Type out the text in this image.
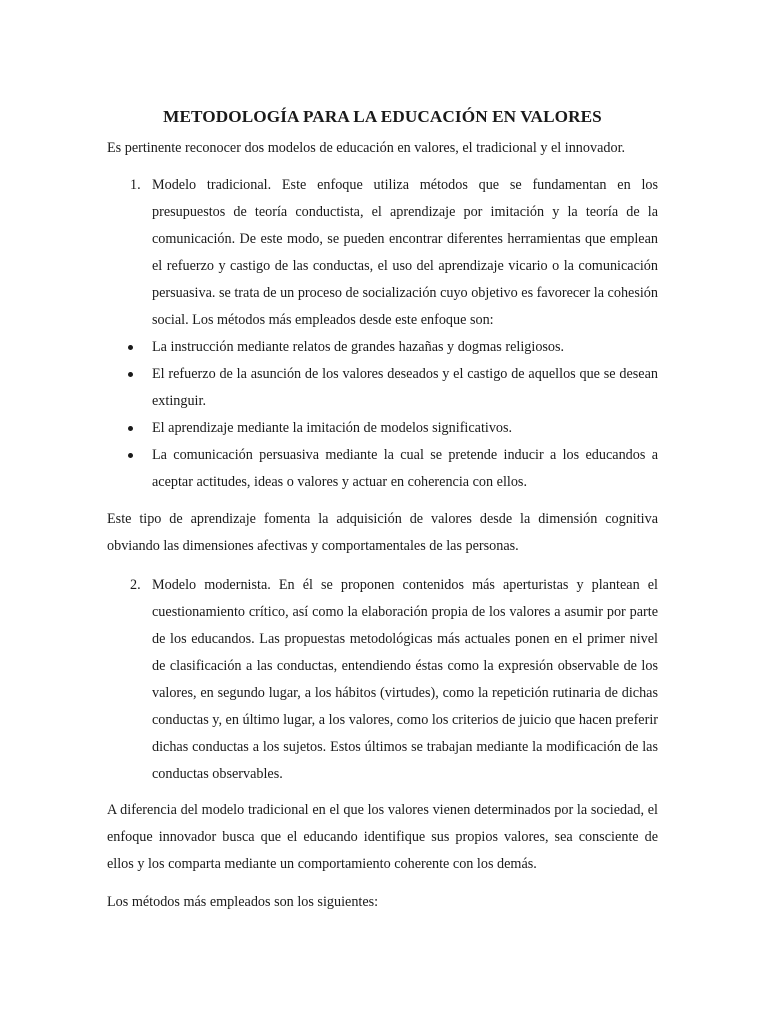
METODOLOGÍA PARA LA EDUCACIÓN EN VALORES

Es pertinente reconocer dos modelos de educación en valores, el tradicional y el innovador.

1. Modelo tradicional. Este enfoque utiliza métodos que se fundamentan en los presupuestos de teoría conductista, el aprendizaje por imitación y la teoría de la comunicación. De este modo, se pueden encontrar diferentes herramientas que emplean el refuerzo y castigo de las conductas, el uso del aprendizaje vicario o la comunicación persuasiva. se trata de un proceso de socialización cuyo objetivo es favorecer la cohesión social. Los métodos más empleados desde este enfoque son:
La instrucción mediante relatos de grandes hazañas y dogmas religiosos.
El refuerzo de la asunción de los valores deseados y el castigo de aquellos que se desean extinguir.
El aprendizaje mediante la imitación de modelos significativos.
La comunicación persuasiva mediante la cual se pretende inducir a los educandos a aceptar actitudes, ideas o valores y actuar en coherencia con ellos.

Este tipo de aprendizaje fomenta la adquisición de valores desde la dimensión cognitiva obviando las dimensiones afectivas y comportamentales de las personas.

2. Modelo modernista. En él se proponen contenidos más aperturistas y plantean el cuestionamiento crítico, así como la elaboración propia de los valores a asumir por parte de los educandos. Las propuestas metodológicas más actuales ponen en el primer nivel de clasificación a las conductas, entendiendo éstas como la expresión observable de los valores, en segundo lugar, a los hábitos (virtudes), como la repetición rutinaria de dichas conductas y, en último lugar, a los valores, como los criterios de juicio que hacen preferir dichas conductas a los sujetos. Estos últimos se trabajan mediante la modificación de las conductas observables.

A diferencia del modelo tradicional en el que los valores vienen determinados por la sociedad, el enfoque innovador busca que el educando identifique sus propios valores, sea consciente de ellos y los comparta mediante un comportamiento coherente con los demás.

Los métodos más empleados son los siguientes:
